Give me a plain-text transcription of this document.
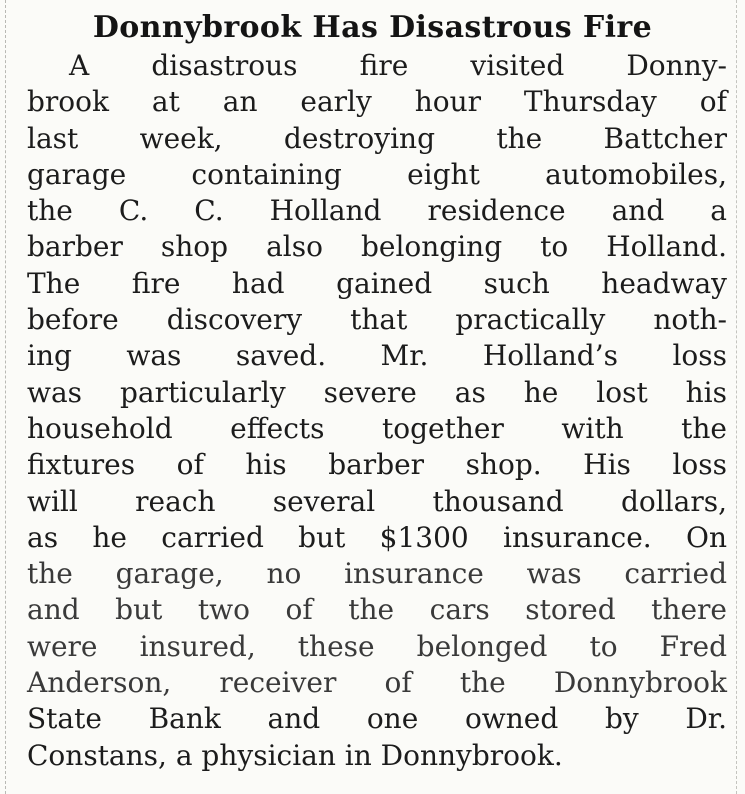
Donnybrook Has Disastrous Fire
A disastrous fire visited Donny-
brook at an early hour Thursday of
last week, destroying the Battcher
garage containing eight automobiles,
the C. C. Holland residence and a
barber shop also belonging to Holland.
The fire had gained such headway
before discovery that practically noth-
ing was saved. Mr. Holland’s loss
was particularly severe as he lost his
household effects together with the
fixtures of his barber shop. His loss
will reach several thousand dollars,
as he carried but $1300 insurance. On
the garage, no insurance was carried
and but two of the cars stored there
were insured, these belonged to Fred
Anderson, receiver of the Donnybrook
State Bank and one owned by Dr.
Constans, a physician in Donnybrook.
